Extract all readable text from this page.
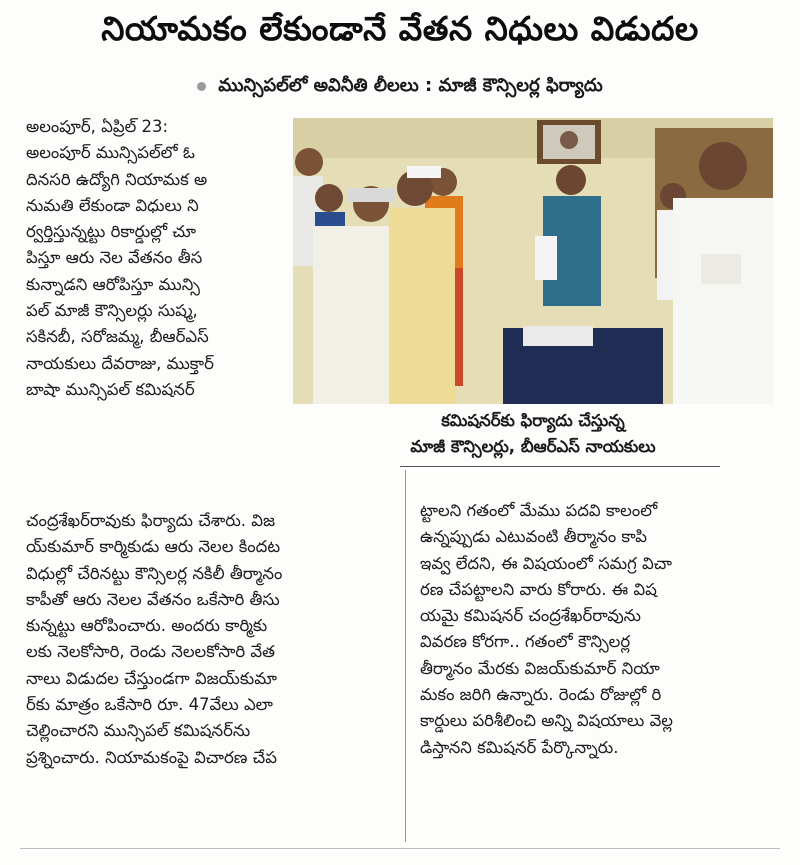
నియామకం లేకుండానే వేతన నిధులు విడుదల
మున్సిపల్‌లో అవినీతి లీలలు : మాజీ కౌన్సిలర్ల ఫిర్యాదు
అలంపూర్, ఏప్రిల్ 23:
అలంపూర్ మున్సిపల్‌లో ఓ
దినసరి ఉద్యోగి నియామక అ
నుమతి లేకుండా విధులు ని
ర్వర్తిస్తున్నట్టు రికార్డుల్లో చూ
పిస్తూ ఆరు నెల వేతనం తీస
కున్నాడని ఆరోపిస్తూ మున్సి
పల్ మాజీ కౌన్సిలర్లు సుష్మ,
సకినబీ, సరోజమ్మ, బీఆర్ఎస్
నాయకులు దేవరాజు, ముక్తార్
బాషా మున్సిపల్ కమిషనర్
కమిషనర్‌కు ఫిర్యాదు చేస్తున్న
మాజీ కౌన్సిలర్లు, బీఆర్ఎస్ నాయకులు
చంద్రశేఖర్‌రావుకు ఫిర్యాదు చేశారు. విజ
య్‌కుమార్ కార్మికుడు ఆరు నెలల కిందట
విధుల్లో చేరినట్టు కౌన్సిలర్ల నకిలీ తీర్మానం
కాపీతో ఆరు నెలల వేతనం ఒకేసారి తీసు
కున్నట్టు ఆరోపించారు. అందరు కార్మికు
లకు నెలకోసారి, రెండు నెలలకోసారి వేత
నాలు విడుదల చేస్తుండగా విజయ్‌కుమా
ర్‌కు మాత్రం ఒకేసారి రూ. 47వేలు ఎలా
చెల్లించారని మున్సిపల్ కమిషనర్‌ను
ప్రశ్నించారు. నియామకంపై విచారణ చేప
ట్టాలని గతంలో మేము పదవి కాలంలో
ఉన్నప్పుడు ఎటువంటి తీర్మానం కాపి
ఇవ్వ లేదని, ఈ విషయంలో సమగ్ర విచా
రణ చేపట్టాలని వారు కోరారు. ఈ విష
యమై కమిషనర్ చంద్రశేఖర్‌రావును
వివరణ కోరగా.. గతంలో కౌన్సిలర్ల
తీర్మానం మేరకు విజయ్‌కుమార్ నియా
మకం జరిగి ఉన్నారు. రెండు రోజుల్లో రి
కార్డులు పరిశీలించి అన్ని విషయాలు వెల్ల
డిస్తానని కమిషనర్ పేర్కొన్నారు.
